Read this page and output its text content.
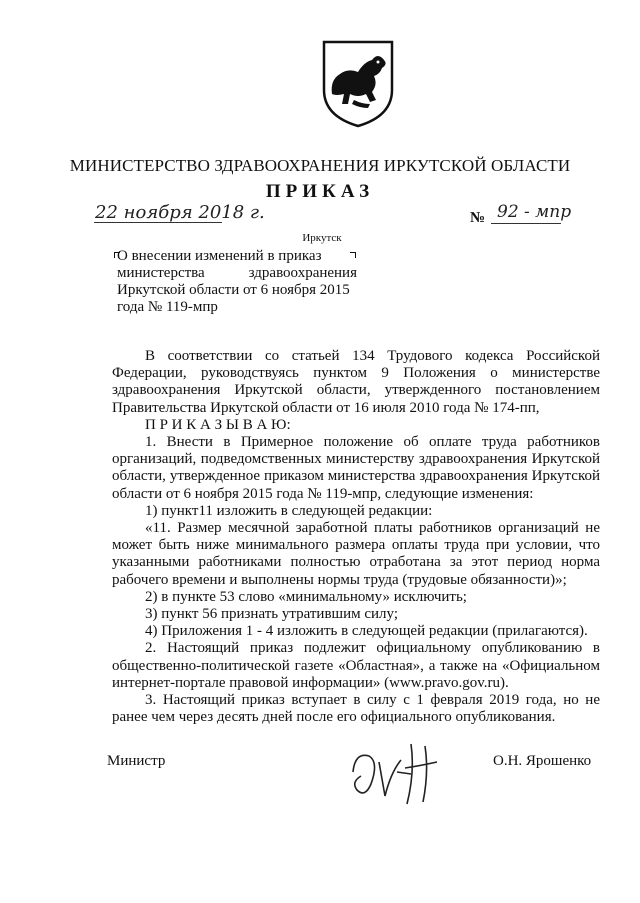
МИНИСТЕРСТВО ЗДРАВООХРАНЕНИЯ ИРКУТСКОЙ ОБЛАСТИ
ПРИКАЗ
22 ноября 2018 г.	№ 92 - мпр
Иркутск

О внесении изменений в приказ

министерства здравоохранения

Иркутской области от 6 ноября 2015

года № 119-мпр

В соответствии со статьей 134 Трудового кодекса Российской Федерации, руководствуясь пунктом 9 Положения о министерстве здравоохранения Иркутской области, утвержденного постановлением Правительства Иркутской области от 16 июля 2010 года № 174-пп,

П Р И К А З Ы В А Ю:

1. Внести в Примерное положение об оплате труда работников организаций, подведомственных министерству здравоохранения Иркутской области, утвержденное приказом министерства здравоохранения Иркутской области от 6 ноября 2015 года № 119-мпр, следующие изменения:

1) пункт11 изложить в следующей редакции:

«11. Размер месячной заработной платы работников организаций не может быть ниже минимального размера оплаты труда при условии, что указанными работниками полностью отработана за этот период норма рабочего времени и выполнены нормы труда (трудовые обязанности)»;

2) в пункте 53 слово «минимальному» исключить;

3) пункт 56 признать утратившим силу;

4) Приложения 1 - 4 изложить в следующей редакции (прилагаются).

2. Настоящий приказ подлежит официальному опубликованию в общественно-политической газете «Областная», а также на «Официальном интернет-портале правовой информации» (www.pravo.gov.ru).

3. Настоящий приказ вступает в силу с 1 февраля 2019 года, но не ранее чем через десять дней после его официального опубликования.

Министр	О.Н. Ярошенко
